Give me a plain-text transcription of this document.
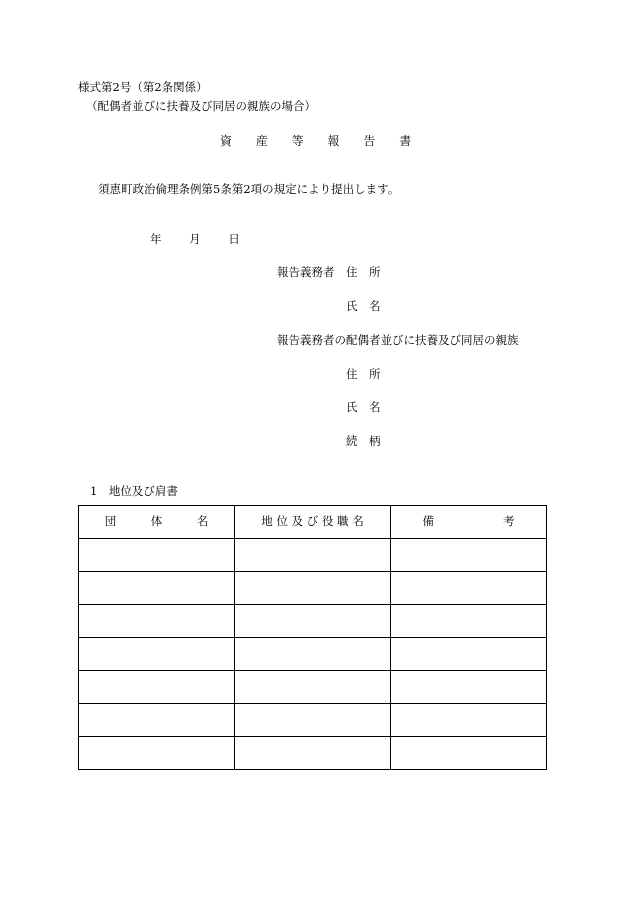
様式第2号（第2条関係）
（配偶者並びに扶養及び同居の親族の場合）
資 産 等 報 告 書
須恵町政治倫理条例第5条第2項の規定により提出します。
年 月 日
報告義務者 住　所
氏　名
報告義務者の配偶者並びに扶養及び同居の親族
住　所
氏　名
続　柄
1　地位及び肩書
団　　　体　　　名	地 位 及 び 役 職 名	備　　　　　　考
